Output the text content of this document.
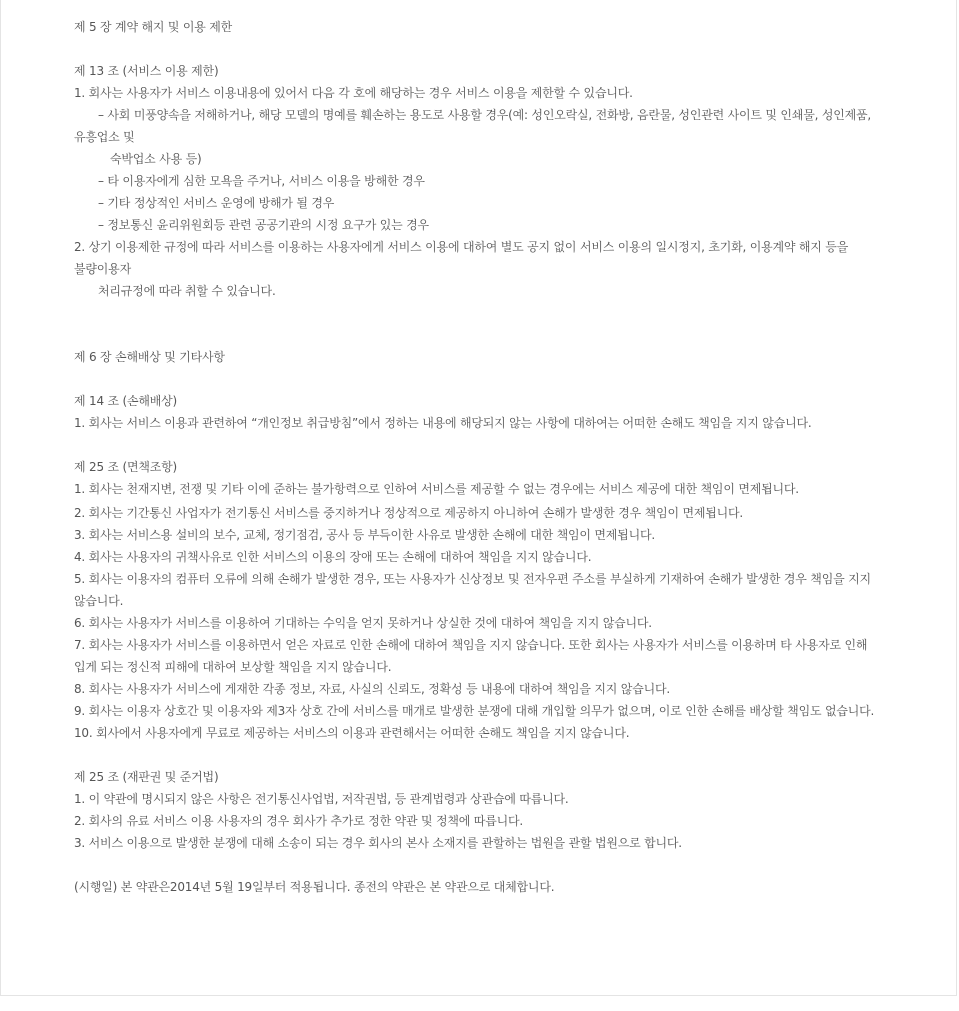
제 5 장 계약 해지 및 이용 제한
제 13 조 (서비스 이용 제한)
1. 회사는 사용자가 서비스 이용내용에 있어서 다음 각 호에 해당하는 경우 서비스 이용을 제한할 수 있습니다.
– 사회 미풍양속을 저해하거나, 해당 모델의 명예를 훼손하는 용도로 사용할 경우(예: 성인오락실, 전화방, 음란물, 성인관련 사이트 및 인쇄물, 성인제품, 유흥업소 및
숙박업소 사용 등)
– 타 이용자에게 심한 모욕을 주거나, 서비스 이용을 방해한 경우
– 기타 정상적인 서비스 운영에 방해가 될 경우
– 정보통신 윤리위원회등 관련 공공기관의 시정 요구가 있는 경우
2. 상기 이용제한 규정에 따라 서비스를 이용하는 사용자에게 서비스 이용에 대하여 별도 공지 없이 서비스 이용의 일시정지, 초기화, 이용계약 해지 등을 불량이용자
처리규정에 따라 취할 수 있습니다.
제 6 장 손해배상 및 기타사항
제 14 조 (손해배상)
1. 회사는 서비스 이용과 관련하여 “개인정보 취급방침”에서 정하는 내용에 해당되지 않는 사항에 대하여는 어떠한 손해도 책임을 지지 않습니다.
제 25 조 (면책조항)
1. 회사는 천재지변, 전쟁 및 기타 이에 준하는 불가항력으로 인하여 서비스를 제공할 수 없는 경우에는 서비스 제공에 대한 책임이 면제됩니다.
2. 회사는 기간통신 사업자가 전기통신 서비스를 중지하거나 정상적으로 제공하지 아니하여 손해가 발생한 경우 책임이 면제됩니다.
3. 회사는 서비스용 설비의 보수, 교체, 정기점검, 공사 등 부득이한 사유로 발생한 손해에 대한 책임이 면제됩니다.
4. 회사는 사용자의 귀책사유로 인한 서비스의 이용의 장애 또는 손해에 대하여 책임을 지지 않습니다.
5. 회사는 이용자의 컴퓨터 오류에 의해 손해가 발생한 경우, 또는 사용자가 신상정보 및 전자우편 주소를 부실하게 기재하여 손해가 발생한 경우 책임을 지지 않습니다.
6. 회사는 사용자가 서비스를 이용하여 기대하는 수익을 얻지 못하거나 상실한 것에 대하여 책임을 지지 않습니다.
7. 회사는 사용자가 서비스를 이용하면서 얻은 자료로 인한 손해에 대하여 책임을 지지 않습니다. 또한 회사는 사용자가 서비스를 이용하며 타 사용자로 인해 입게 되는 정신적 피해에 대하여 보상할 책임을 지지 않습니다.
8. 회사는 사용자가 서비스에 게재한 각종 정보, 자료, 사실의 신뢰도, 정확성 등 내용에 대하여 책임을 지지 않습니다.
9. 회사는 이용자 상호간 및 이용자와 제3자 상호 간에 서비스를 매개로 발생한 분쟁에 대해 개입할 의무가 없으며, 이로 인한 손해를 배상할 책임도 없습니다.
10. 회사에서 사용자에게 무료로 제공하는 서비스의 이용과 관련해서는 어떠한 손해도 책임을 지지 않습니다.
제 25 조 (재판권 및 준거법)
1. 이 약관에 명시되지 않은 사항은 전기통신사업법, 저작권법, 등 관계법령과 상관습에 따릅니다.
2. 회사의 유료 서비스 이용 사용자의 경우 회사가 추가로 정한 약관 및 정책에 따릅니다.
3. 서비스 이용으로 발생한 분쟁에 대해 소송이 되는 경우 회사의 본사 소재지를 관할하는 법원을 관할 법원으로 합니다.
(시행일) 본 약관은2014년 5월 19일부터 적용됩니다. 종전의 약관은 본 약관으로 대체합니다.
